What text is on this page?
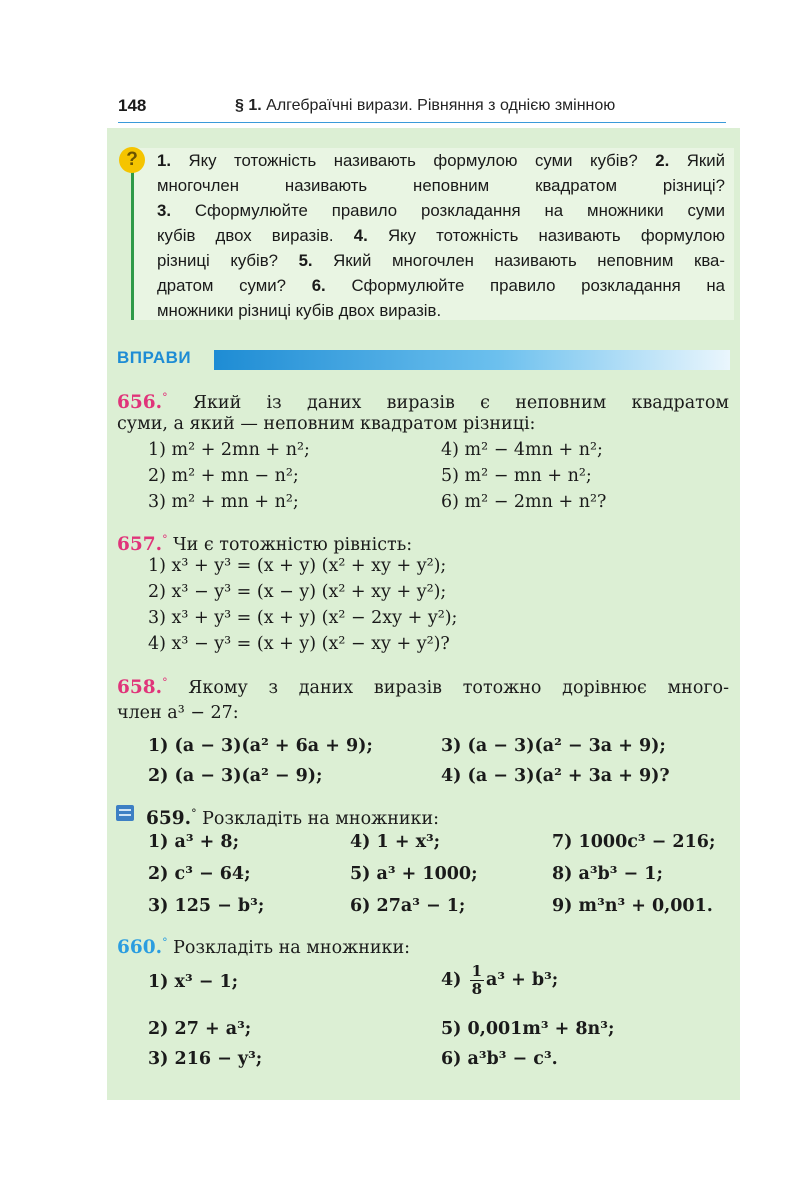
148	§ 1. Алгебраїчні вирази. Рівняння з однією змінною
?	1. Яку тотожність називають формулою суми кубів? 2. Який
многочлен називають неповним квадратом різниці?
3. Сформулюйте правило розкладання на множники суми
кубів двох виразів. 4. Яку тотожність називають формулою
різниці кубів? 5. Який многочлен називають неповним ква-
дратом суми? 6. Сформулюйте правило розкладання на
множники різниці кубів двох виразів.
ВПРАВИ
656.° Який із даних виразів є неповним квадратом
суми, а який — неповним квадратом різниці:
1) m² + 2mn + n²;	4) m² − 4mn + n²;
2) m² + mn − n²;	5) m² − mn + n²;
3) m² + mn + n²;	6) m² − 2mn + n²?
657.° Чи є тотожністю рівність:
1) x³ + y³ = (x + y) (x² + xy + y²);
2) x³ − y³ = (x − y) (x² + xy + y²);
3) x³ + y³ = (x + y) (x² − 2xy + y²);
4) x³ − y³ = (x + y) (x² − xy + y²)?
658.° Якому з даних виразів тотожно дорівнює много-
член a³ − 27:
1) (a − 3)(a² + 6a + 9);	3) (a − 3)(a² − 3a + 9);
2) (a − 3)(a² − 9);	4) (a − 3)(a² + 3a + 9)?
659.° Розкладіть на множники:
1) a³ + 8;	4) 1 + x³;	7) 1000c³ − 216;
2) c³ − 64;	5) a³ + 1000;	8) a³b³ − 1;
3) 125 − b³;	6) 27a³ − 1;	9) m³n³ + 0,001.
660.° Розкладіть на множники:
1) x³ − 1;	$4) \frac{1}{8} a^3 + b^3$;
2) 27 + a³;	5) 0,001m³ + 8n³;
3) 216 − y³;	6) a³b³ − c³.
